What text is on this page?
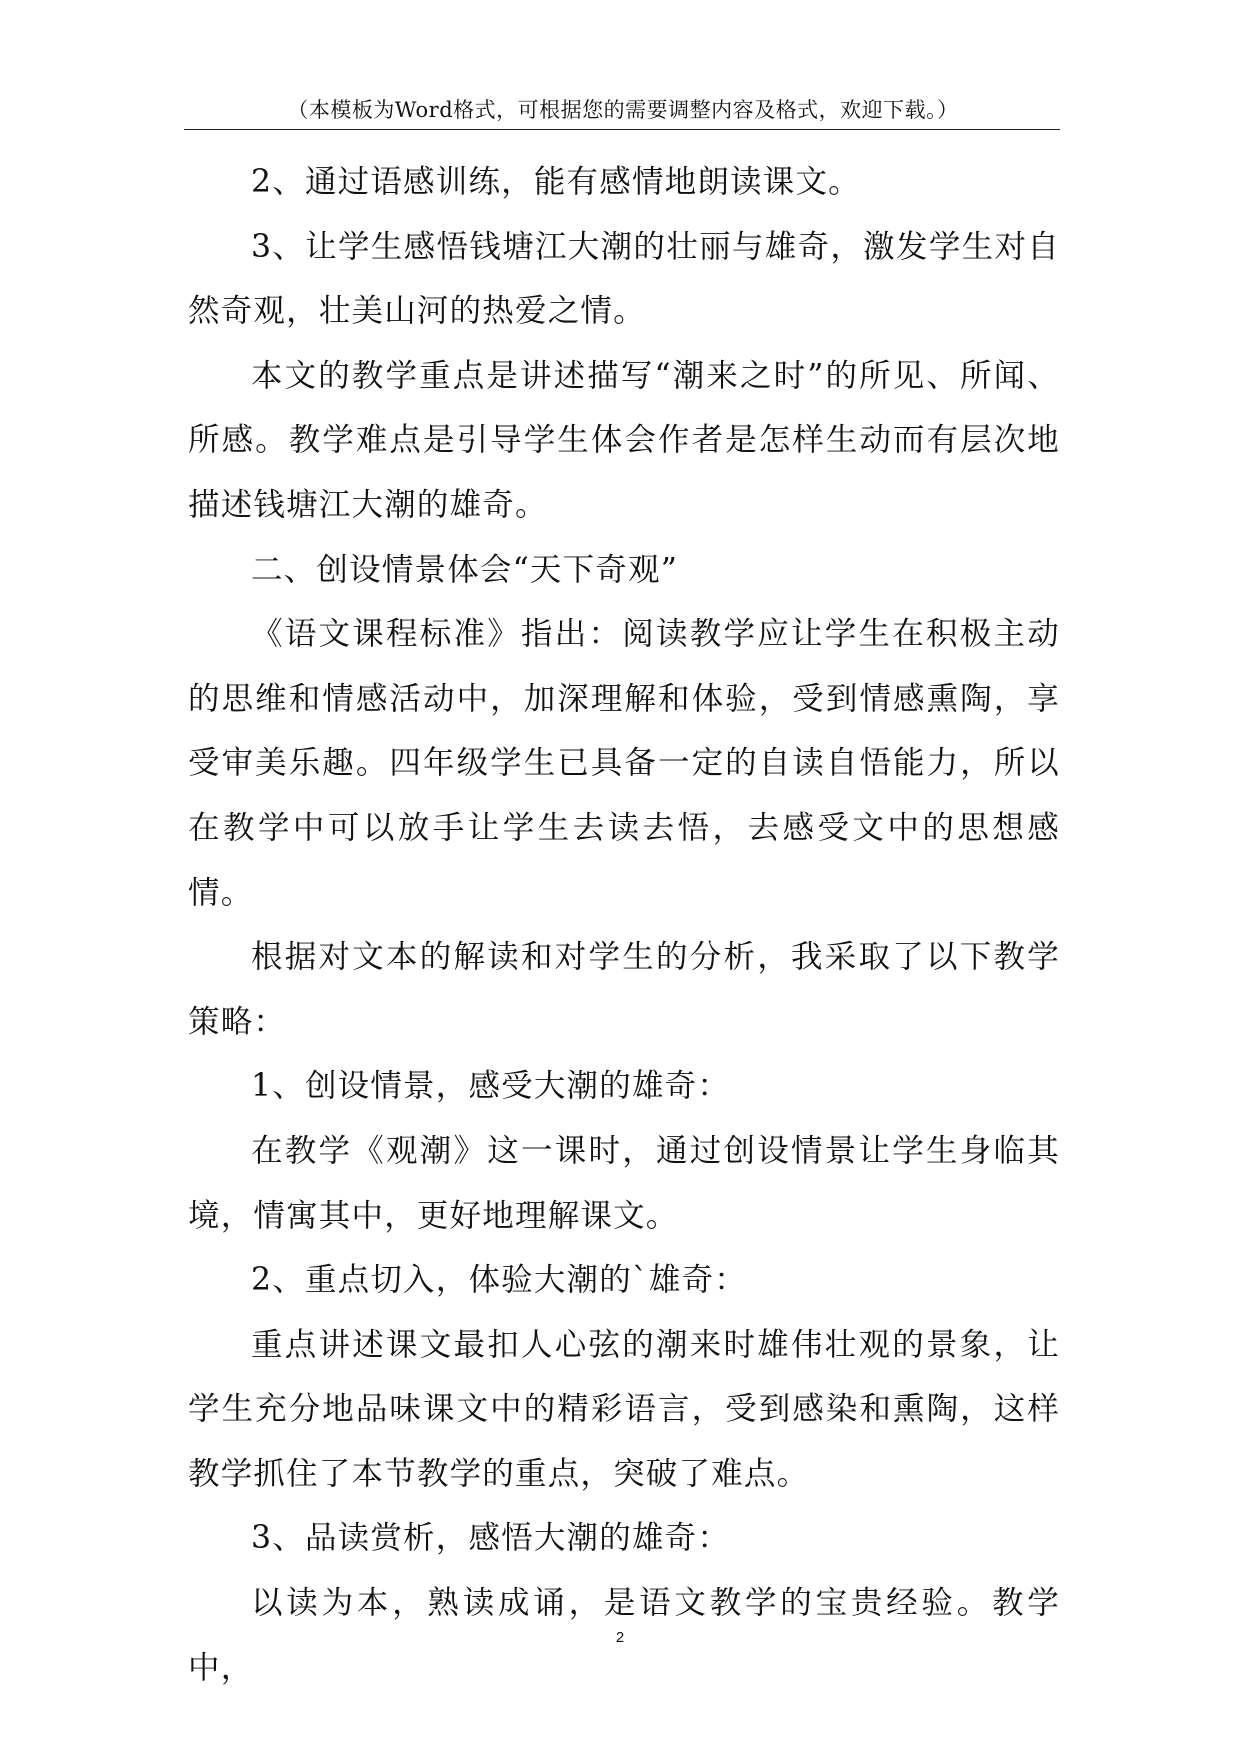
（本模板为Word格式，可根据您的需要调整内容及格式，欢迎下载。）

2、通过语感训练，能有感情地朗读课文。

3、让学生感悟钱塘江大潮的壮丽与雄奇，激发学生对自然奇观，壮美山河的热爱之情。

本文的教学重点是讲述描写“潮来之时”的所见、所闻、所感。教学难点是引导学生体会作者是怎样生动而有层次地描述钱塘江大潮的雄奇。

二、创设情景体会“天下奇观”

《语文课程标准》指出：阅读教学应让学生在积极主动的思维和情感活动中，加深理解和体验，受到情感熏陶，享受审美乐趣。四年级学生已具备一定的自读自悟能力，所以在教学中可以放手让学生去读去悟，去感受文中的思想感情。

根据对文本的解读和对学生的分析，我采取了以下教学策略：

1、创设情景，感受大潮的雄奇：

在教学《观潮》这一课时，通过创设情景让学生身临其境，情寓其中，更好地理解课文。

2、重点切入，体验大潮的`雄奇：

重点讲述课文最扣人心弦的潮来时雄伟壮观的景象，让学生充分地品味课文中的精彩语言，受到感染和熏陶，这样教学抓住了本节教学的重点，突破了难点。

3、品读赏析，感悟大潮的雄奇：

以读为本，熟读成诵，是语文教学的宝贵经验。教学中，

2
